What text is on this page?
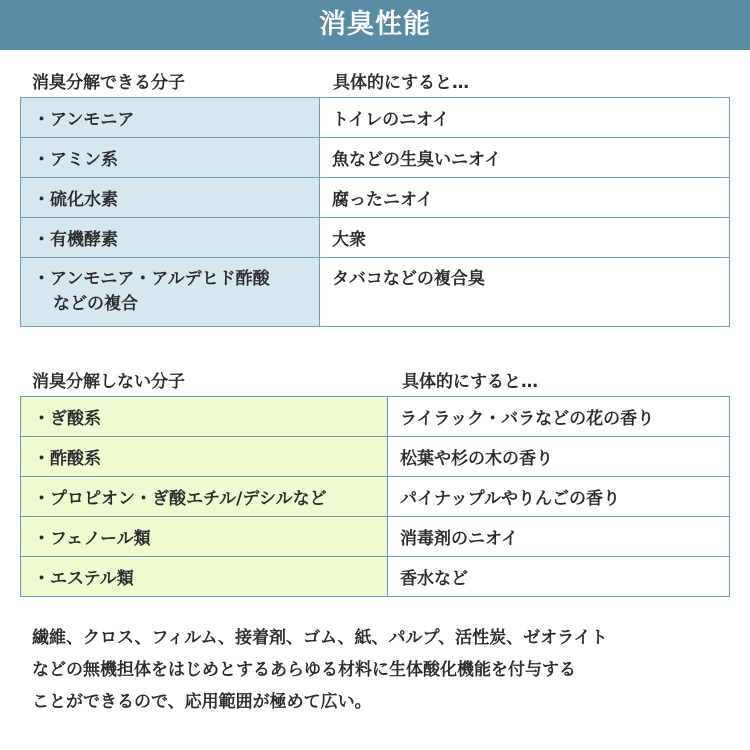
消臭性能
消臭分解できる分子	具体的にすると…
・アンモニア	トイレのニオイ
・アミン系	魚などの生臭いニオイ
・硫化水素	腐ったニオイ
・有機酵素	大衆

・アンモニア・アルデヒド酢酸
などの複合	タバコなどの複合臭
消臭分解しない分子	具体的にすると…
・ぎ酸系	ライラック・バラなどの花の香り
・酢酸系	松葉や杉の木の香り
・プロピオン・ぎ酸エチル/デシルなど	パイナップルやりんごの香り
・フェノール類	消毒剤のニオイ
・エステル類	香水など
繊維、クロス、フィルム、接着剤、ゴム、紙、パルプ、活性炭、ゼオライト
などの無機担体をはじめとするあらゆる材料に生体酸化機能を付与する
ことができるので、応用範囲が極めて広い。
